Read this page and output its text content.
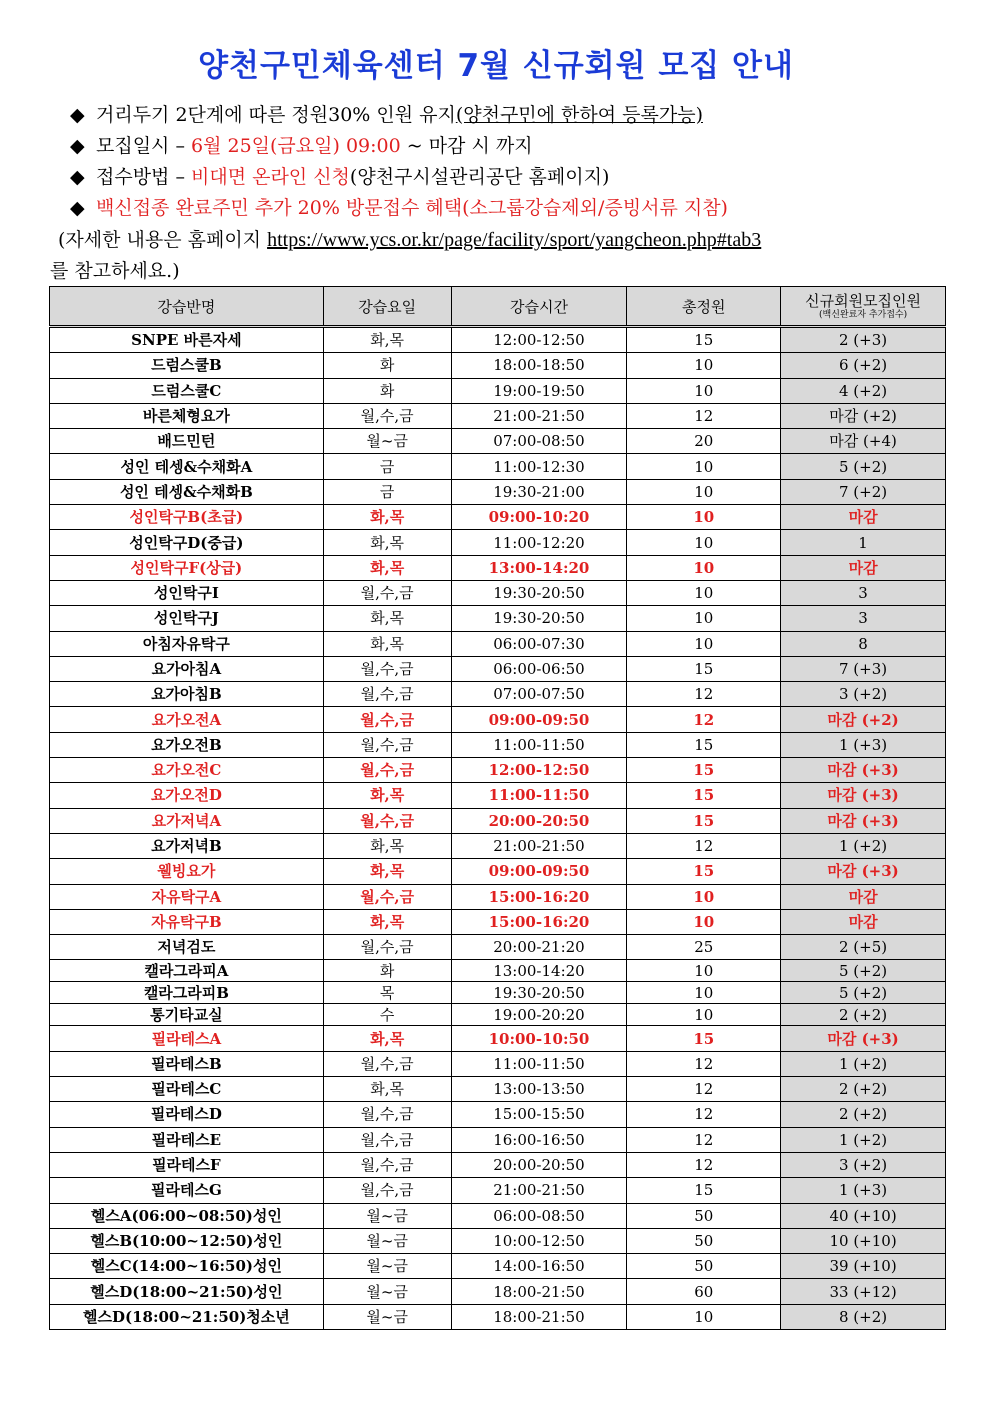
양천구민체육센터 7월 신규회원 모집 안내
◆ 거리두기 2단계에 따른 정원30% 인원 유지(양천구민에 한하여 등록가능)
◆ 모집일시 – 6월 25일(금요일) 09:00 ~ 마감 시 까지
◆ 접수방법 – 비대면 온라인 신청(양천구시설관리공단 홈페이지)
◆ 백신접종 완료주민 추가 20% 방문접수 혜택(소그룹강습제외/증빙서류 지참)
(자세한 내용은 홈페이지 https://www.ycs.or.kr/page/facility/sport/yangcheon.php#tab3
를 참고하세요.)
강습반명	강습요일	강습시간	총정원	신규회원모집인원
(백신완료자 추가접수)

SNPE 바른자세	화,목	12:00-12:50	15	2 (+3)
드럼스쿨B	화	18:00-18:50	10	6 (+2)
드럼스쿨C	화	19:00-19:50	10	4 (+2)
바른체형요가	월,수,금	21:00-21:50	12	마감 (+2)
배드민턴	월~금	07:00-08:50	20	마감 (+4)
성인 테셍&수채화A	금	11:00-12:30	10	5 (+2)
성인 테셍&수채화B	금	19:30-21:00	10	7 (+2)
성인탁구B(초급)	화,목	09:00-10:20	10	마감
성인탁구D(중급)	화,목	11:00-12:20	10	1
성인탁구F(상급)	화,목	13:00-14:20	10	마감
성인탁구I	월,수,금	19:30-20:50	10	3
성인탁구J	화,목	19:30-20:50	10	3
아침자유탁구	화,목	06:00-07:30	10	8
요가아침A	월,수,금	06:00-06:50	15	7 (+3)
요가아침B	월,수,금	07:00-07:50	12	3 (+2)
요가오전A	월,수,금	09:00-09:50	12	마감 (+2)
요가오전B	월,수,금	11:00-11:50	15	1 (+3)
요가오전C	월,수,금	12:00-12:50	15	마감 (+3)
요가오전D	화,목	11:00-11:50	15	마감 (+3)
요가저녁A	월,수,금	20:00-20:50	15	마감 (+3)
요가저녁B	화,목	21:00-21:50	12	1 (+2)
웰빙요가	화,목	09:00-09:50	15	마감 (+3)
자유탁구A	월,수,금	15:00-16:20	10	마감
자유탁구B	화,목	15:00-16:20	10	마감
저녁검도	월,수,금	20:00-21:20	25	2 (+5)
캘라그라피A	화	13:00-14:20	10	5 (+2)
캘라그라피B	목	19:30-20:50	10	5 (+2)
통기타교실	수	19:00-20:20	10	2 (+2)
필라테스A	화,목	10:00-10:50	15	마감 (+3)
필라테스B	월,수,금	11:00-11:50	12	1 (+2)
필라테스C	화,목	13:00-13:50	12	2 (+2)
필라테스D	월,수,금	15:00-15:50	12	2 (+2)
필라테스E	월,수,금	16:00-16:50	12	1 (+2)
필라테스F	월,수,금	20:00-20:50	12	3 (+2)
필라테스G	월,수,금	21:00-21:50	15	1 (+3)
헬스A(06:00~08:50)성인	월~금	06:00-08:50	50	40 (+10)
헬스B(10:00~12:50)성인	월~금	10:00-12:50	50	10 (+10)
헬스C(14:00~16:50)성인	월~금	14:00-16:50	50	39 (+10)
헬스D(18:00~21:50)성인	월~금	18:00-21:50	60	33 (+12)
헬스D(18:00~21:50)청소년	월~금	18:00-21:50	10	8 (+2)
